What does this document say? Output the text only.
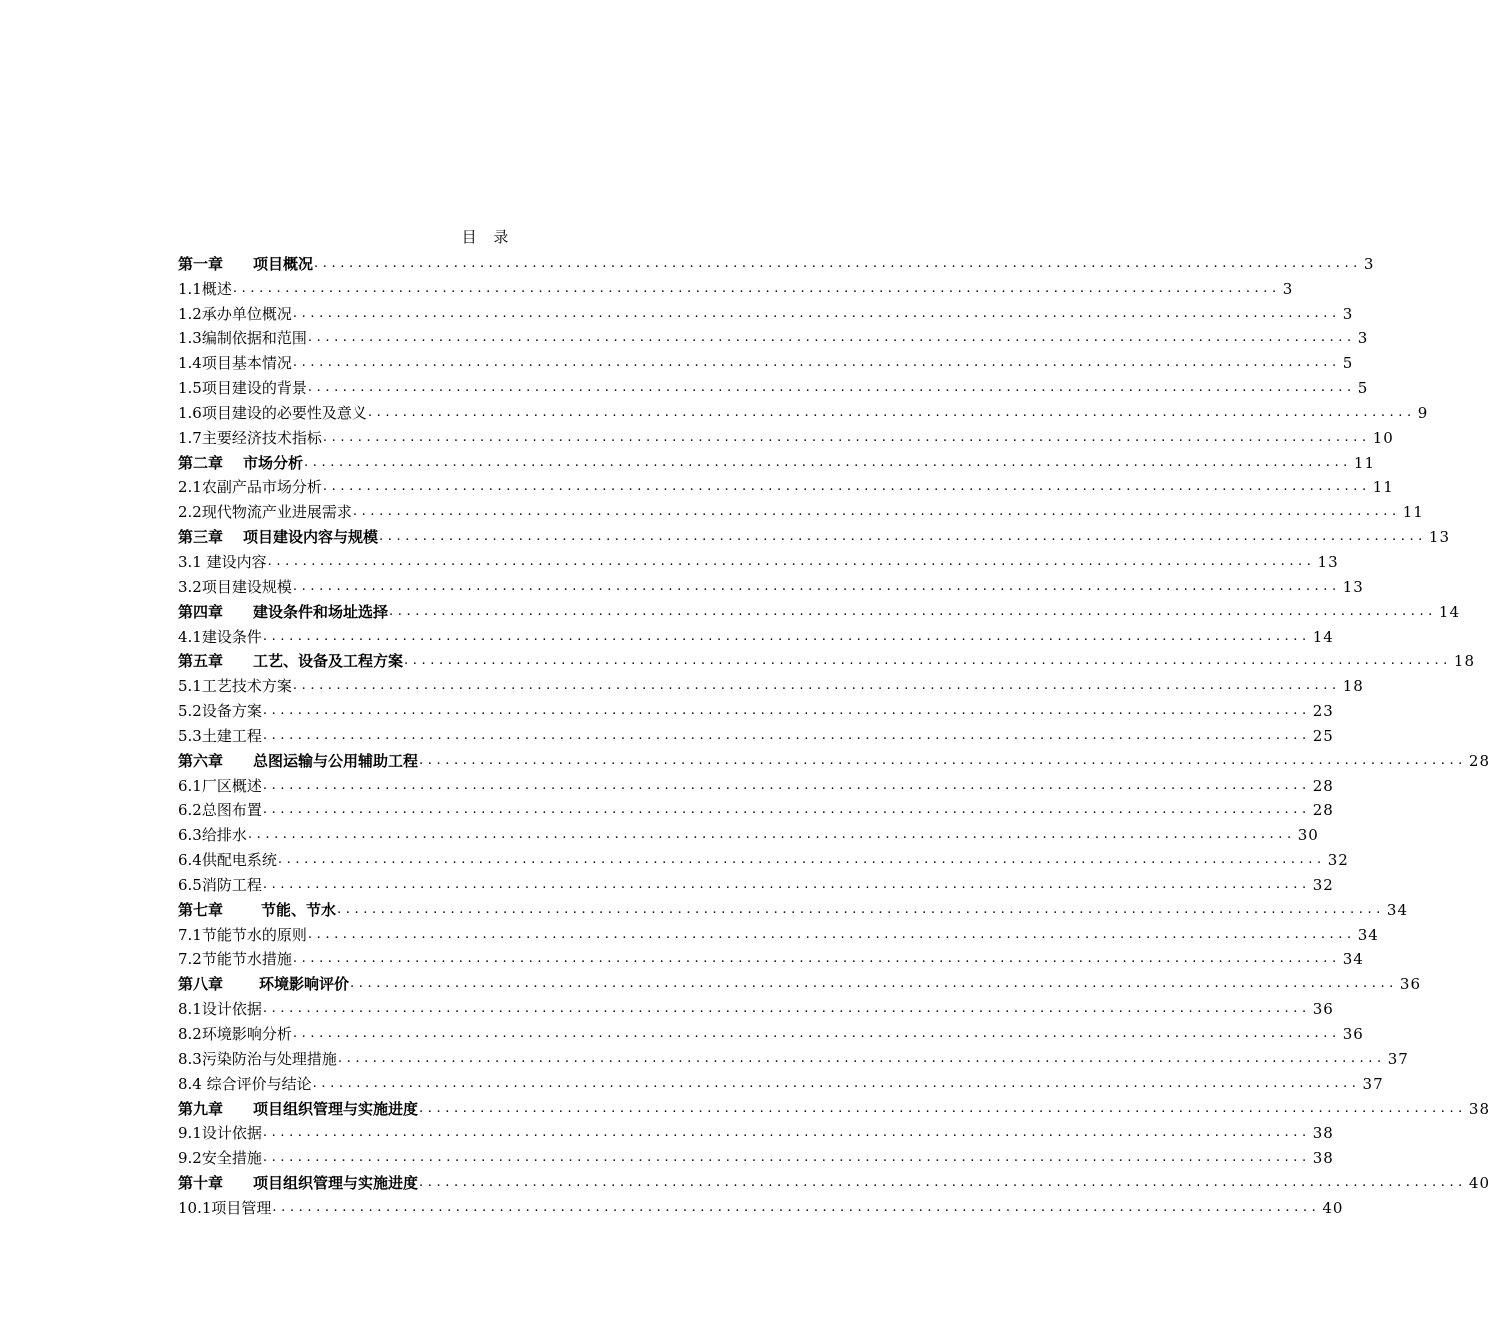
目 录
第一章 项目概况 ........................................................................................................................ 3
1.1概述 ........................................................................................................................ 3
1.2承办单位概况 ........................................................................................................................ 3
1.3编制依据和范围 ........................................................................................................................ 3
1.4项目基本情况 ........................................................................................................................ 5
1.5项目建设的背景 ........................................................................................................................ 5
1.6项目建设的必要性及意义 ........................................................................................................................ 9
1.7主要经济技术指标 ........................................................................................................................ 10
第二章 市场分析 ........................................................................................................................ 11
2.1农副产品市场分析 ........................................................................................................................ 11
2.2现代物流产业进展需求 ........................................................................................................................ 11
第三章 项目建设内容与规模 ........................................................................................................................ 13
3.1 建设内容 ........................................................................................................................ 13
3.2项目建设规模 ........................................................................................................................ 13
第四章 建设条件和场址选择 ........................................................................................................................ 14
4.1建设条件 ........................................................................................................................ 14
第五章 工艺、设备及工程方案 ........................................................................................................................ 18
5.1工艺技术方案 ........................................................................................................................ 18
5.2设备方案 ........................................................................................................................ 23
5.3土建工程 ........................................................................................................................ 25
第六章 总图运输与公用辅助工程 ........................................................................................................................ 28
6.1厂区概述 ........................................................................................................................ 28
6.2总图布置 ........................................................................................................................ 28
6.3给排水 ........................................................................................................................ 30
6.4供配电系统 ........................................................................................................................ 32
6.5消防工程 ........................................................................................................................ 32
第七章	节能、节水 ........................................................................................................................ 34
7.1节能节水的原则 ........................................................................................................................ 34
7.2节能节水措施 ........................................................................................................................ 34
第八章 环境影响评价 ........................................................................................................................ 36
8.1设计依据 ........................................................................................................................ 36
8.2环境影响分析 ........................................................................................................................ 36
8.3污染防治与处理措施 ........................................................................................................................ 37
8.4 综合评价与结论 ........................................................................................................................ 37
第九章 项目组织管理与实施进度 ........................................................................................................................ 38
9.1设计依据 ........................................................................................................................ 38
9.2安全措施 ........................................................................................................................ 38
第十章 项目组织管理与实施进度 ........................................................................................................................ 40
10.1项目管理 ........................................................................................................................ 40
